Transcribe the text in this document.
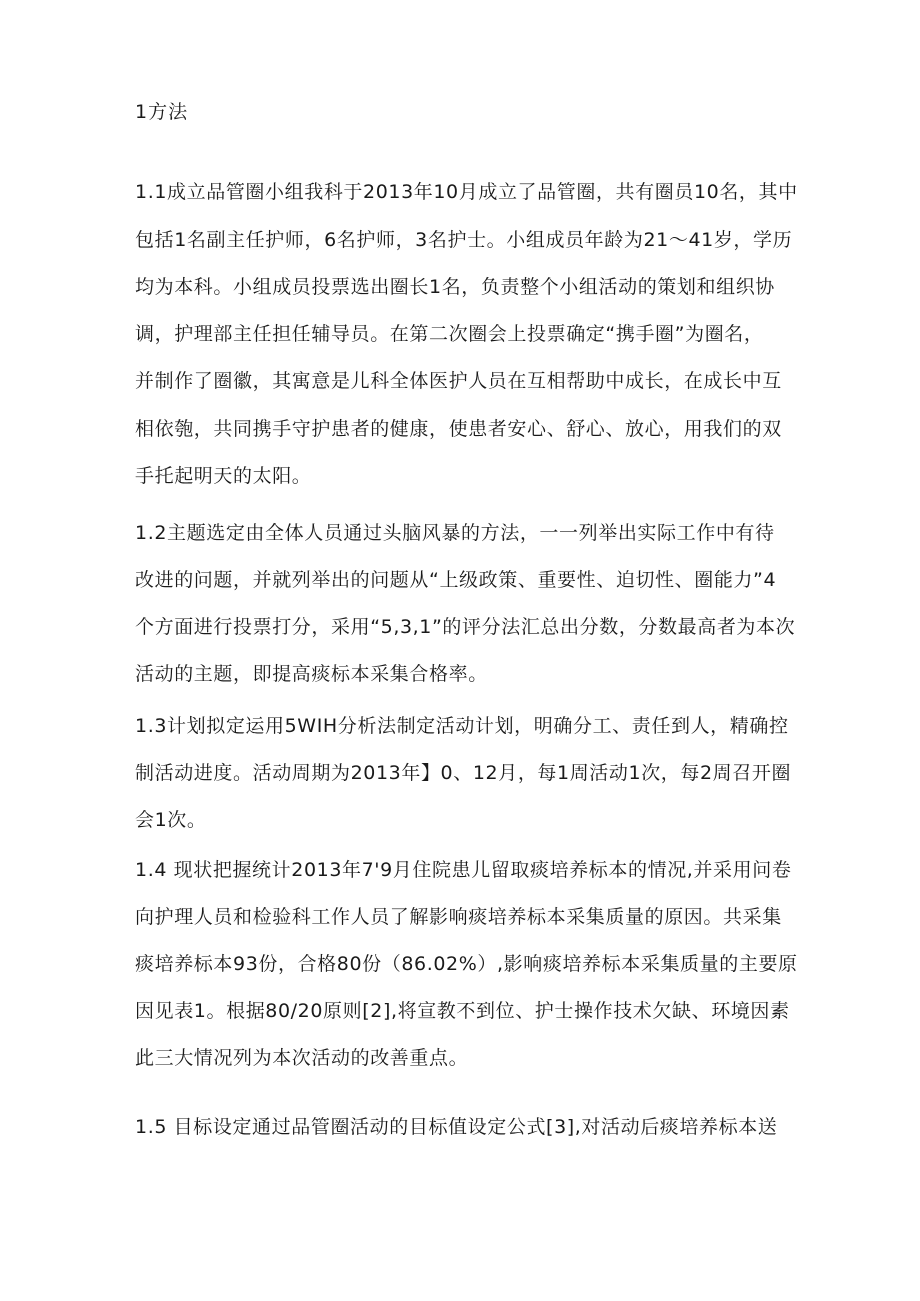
1方法
1.1成立品管圈小组我科于2013年10月成立了品管圈，共有圈员10名，其中
包括1名副主任护师，6名护师，3名护士。小组成员年龄为21～41岁，学历
均为本科。小组成员投票选出圈长1名，负责整个小组活动的策划和组织协
调，护理部主任担任辅导员。在第二次圈会上投票确定“携手圈”为圈名，
并制作了圈徽，其寓意是儿科全体医护人员在互相帮助中成长，在成长中互
相依匏，共同携手守护患者的健康，使患者安心、舒心、放心，用我们的双
手托起明天的太阳。
1.2主题选定由全体人员通过头脑风暴的方法，一一列举出实际工作中有待
改进的问题，并就列举出的问题从“上级政策、重要性、迫切性、圈能力”4
个方面进行投票打分，采用“5,3,1”的评分法汇总出分数，分数最高者为本次
活动的主题，即提高痰标本采集合格率。
1.3计划拟定运用5WIH分析法制定活动计划，明确分工、责任到人，精确控
制活动进度。活动周期为2013年】0、12月，每1周活动1次，每2周召开圈
会1次。
1.4 现状把握统计2013年7'9月住院患儿留取痰培养标本的情况,并采用问卷
向护理人员和检验科工作人员了解影响痰培养标本采集质量的原因。共采集
痰培养标本93份，合格80份（86.02%）,影响痰培养标本采集质量的主要原
因见表1。根据80/20原则[2],将宣教不到位、护士操作技术欠缺、环境因素
此三大情况列为本次活动的改善重点。
1.5 目标设定通过品管圈活动的目标值设定公式[3],对活动后痰培养标本送
